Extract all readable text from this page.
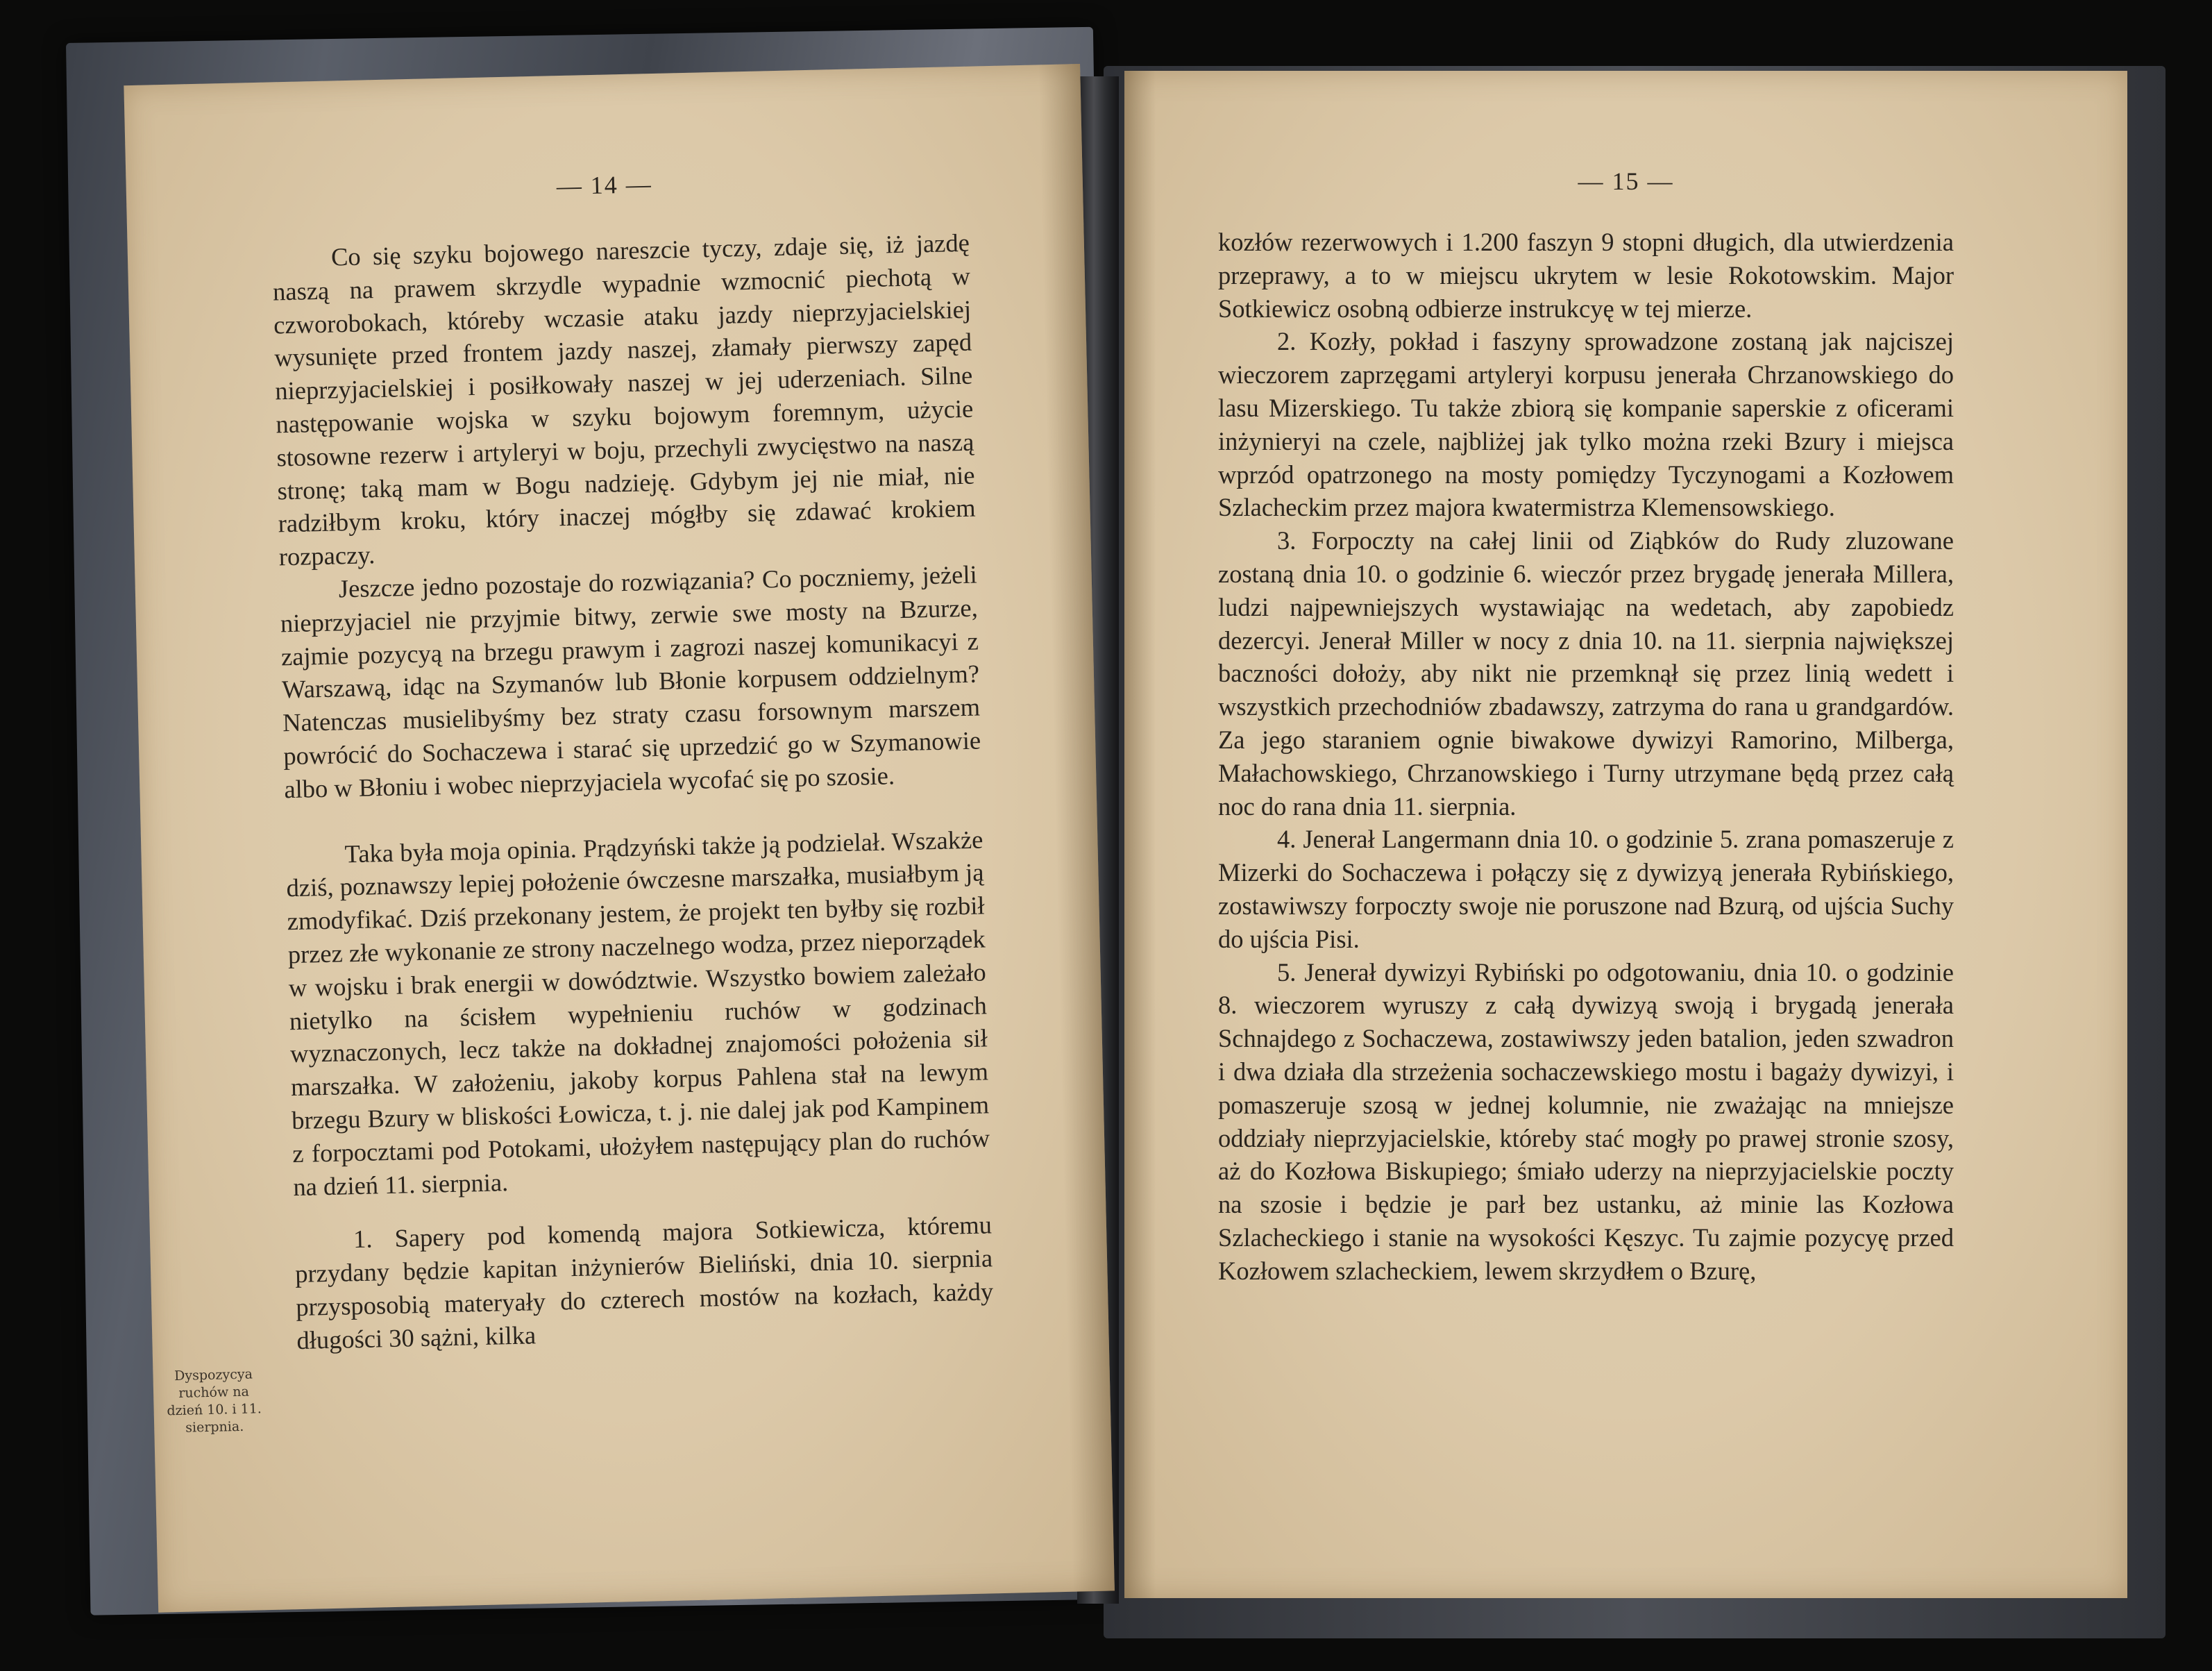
— 14 —

Co się szyku bojowego nareszcie tyczy, zdaje się, iż jazdę naszą na prawem skrzydle wypadnie wzmocnić piechotą w czworobokach, któreby wczasie ataku jazdy nieprzyjacielskiej wysunięte przed frontem jazdy naszej, złamały pierwszy zapęd nieprzyjacielskiej i posiłkowały naszej w jej uderzeniach. Silne następowanie wojska w szyku bojowym foremnym, użycie stosowne rezerw i artyleryi w boju, przechyli zwycięstwo na naszą stronę; taką mam w Bogu nadzieję. Gdybym jej nie miał, nie radziłbym kroku, który inaczej mógłby się zdawać krokiem rozpaczy.

Jeszcze jedno pozostaje do rozwiązania? Co poczniemy, jeżeli nieprzyjaciel nie przyjmie bitwy, zerwie swe mosty na Bzurze, zajmie pozycyą na brzegu prawym i zagrozi naszej komunikacyi z Warszawą, idąc na Szymanów lub Błonie korpusem oddzielnym? Natenczas musielibyśmy bez straty czasu forsownym marszem powrócić do Sochaczewa i starać się uprzedzić go w Szymanowie albo w Błoniu i wobec nieprzyjaciela wycofać się po szosie.

Taka była moja opinia. Prądzyński także ją podzielał. Wszakże dziś, poznawszy lepiej położenie ówczesne marszałka, musiałbym ją zmodyfikać. Dziś przekonany jestem, że projekt ten byłby się rozbił przez złe wykonanie ze strony naczelnego wodza, przez nieporządek w wojsku i brak energii w dowództwie. Wszystko bowiem zależało nietylko na ścisłem wypełnieniu ruchów w godzinach wyznaczonych, lecz także na dokładnej znajomości położenia sił marszałka. W założeniu, jakoby korpus Pahlena stał na lewym brzegu Bzury w bliskości Łowicza, t. j. nie dalej jak pod Kampinem z forpocztami pod Potokami, ułożyłem następujący plan do ruchów na dzień 11. sierpnia.

1. Sapery pod komendą majora Sotkiewicza, któremu przydany będzie kapitan inżynierów Bieliński, dnia 10. sierpnia przysposobią materyały do czterech mostów na kozłach, każdy długości 30 sążni, kilka

Dyspozycya ruchów na dzień 10. i 11. sierpnia.
— 15 —

kozłów rezerwowych i 1.200 faszyn 9 stopni długich, dla utwierdzenia przeprawy, a to w miejscu ukrytem w lesie Rokotowskim. Major Sotkiewicz osobną odbierze instrukcyę w tej mierze.

2. Kozły, pokład i faszyny sprowadzone zostaną jak najciszej wieczorem zaprzęgami artyleryi korpusu jenerała Chrzanowskiego do lasu Mizerskiego. Tu także zbiorą się kompanie saperskie z oficerami inżynieryi na czele, najbliżej jak tylko można rzeki Bzury i miejsca wprzód opatrzonego na mosty pomiędzy Tyczynogami a Kozłowem Szlacheckim przez majora kwatermistrza Klemensowskiego.

3. Forpoczty na całej linii od Ziąbków do Rudy zluzowane zostaną dnia 10. o godzinie 6. wieczór przez brygadę jenerała Millera, ludzi najpewniejszych wystawiając na wedetach, aby zapobiedz dezercyi. Jenerał Miller w nocy z dnia 10. na 11. sierpnia największej baczności dołoży, aby nikt nie przemknął się przez linią wedett i wszystkich przechodniów zbadawszy, zatrzyma do rana u grandgardów. Za jego staraniem ognie biwakowe dywizyi Ramorino, Milberga, Małachowskiego, Chrzanowskiego i Turny utrzymane będą przez całą noc do rana dnia 11. sierpnia.

4. Jenerał Langermann dnia 10. o godzinie 5. zrana pomaszeruje z Mizerki do Sochaczewa i połączy się z dywizyą jenerała Rybińskiego, zostawiwszy forpoczty swoje nie poruszone nad Bzurą, od ujścia Suchy do ujścia Pisi.

5. Jenerał dywizyi Rybiński po odgotowaniu, dnia 10. o godzinie 8. wieczorem wyruszy z całą dywizyą swoją i brygadą jenerała Schnajdego z Sochaczewa, zostawiwszy jeden batalion, jeden szwadron i dwa działa dla strzeżenia sochaczewskiego mostu i bagaży dywizyi, i pomaszeruje szosą w jednej kolumnie, nie zważając na mniejsze oddziały nieprzyjacielskie, któreby stać mogły po prawej stronie szosy, aż do Kozłowa Biskupiego; śmiało uderzy na nieprzyjacielskie poczty na szosie i będzie je parł bez ustanku, aż minie las Kozłowa Szlacheckiego i stanie na wysokości Kęszyc. Tu zajmie pozycyę przed Kozłowem szlacheckiem, lewem skrzydłem o Bzurę,
